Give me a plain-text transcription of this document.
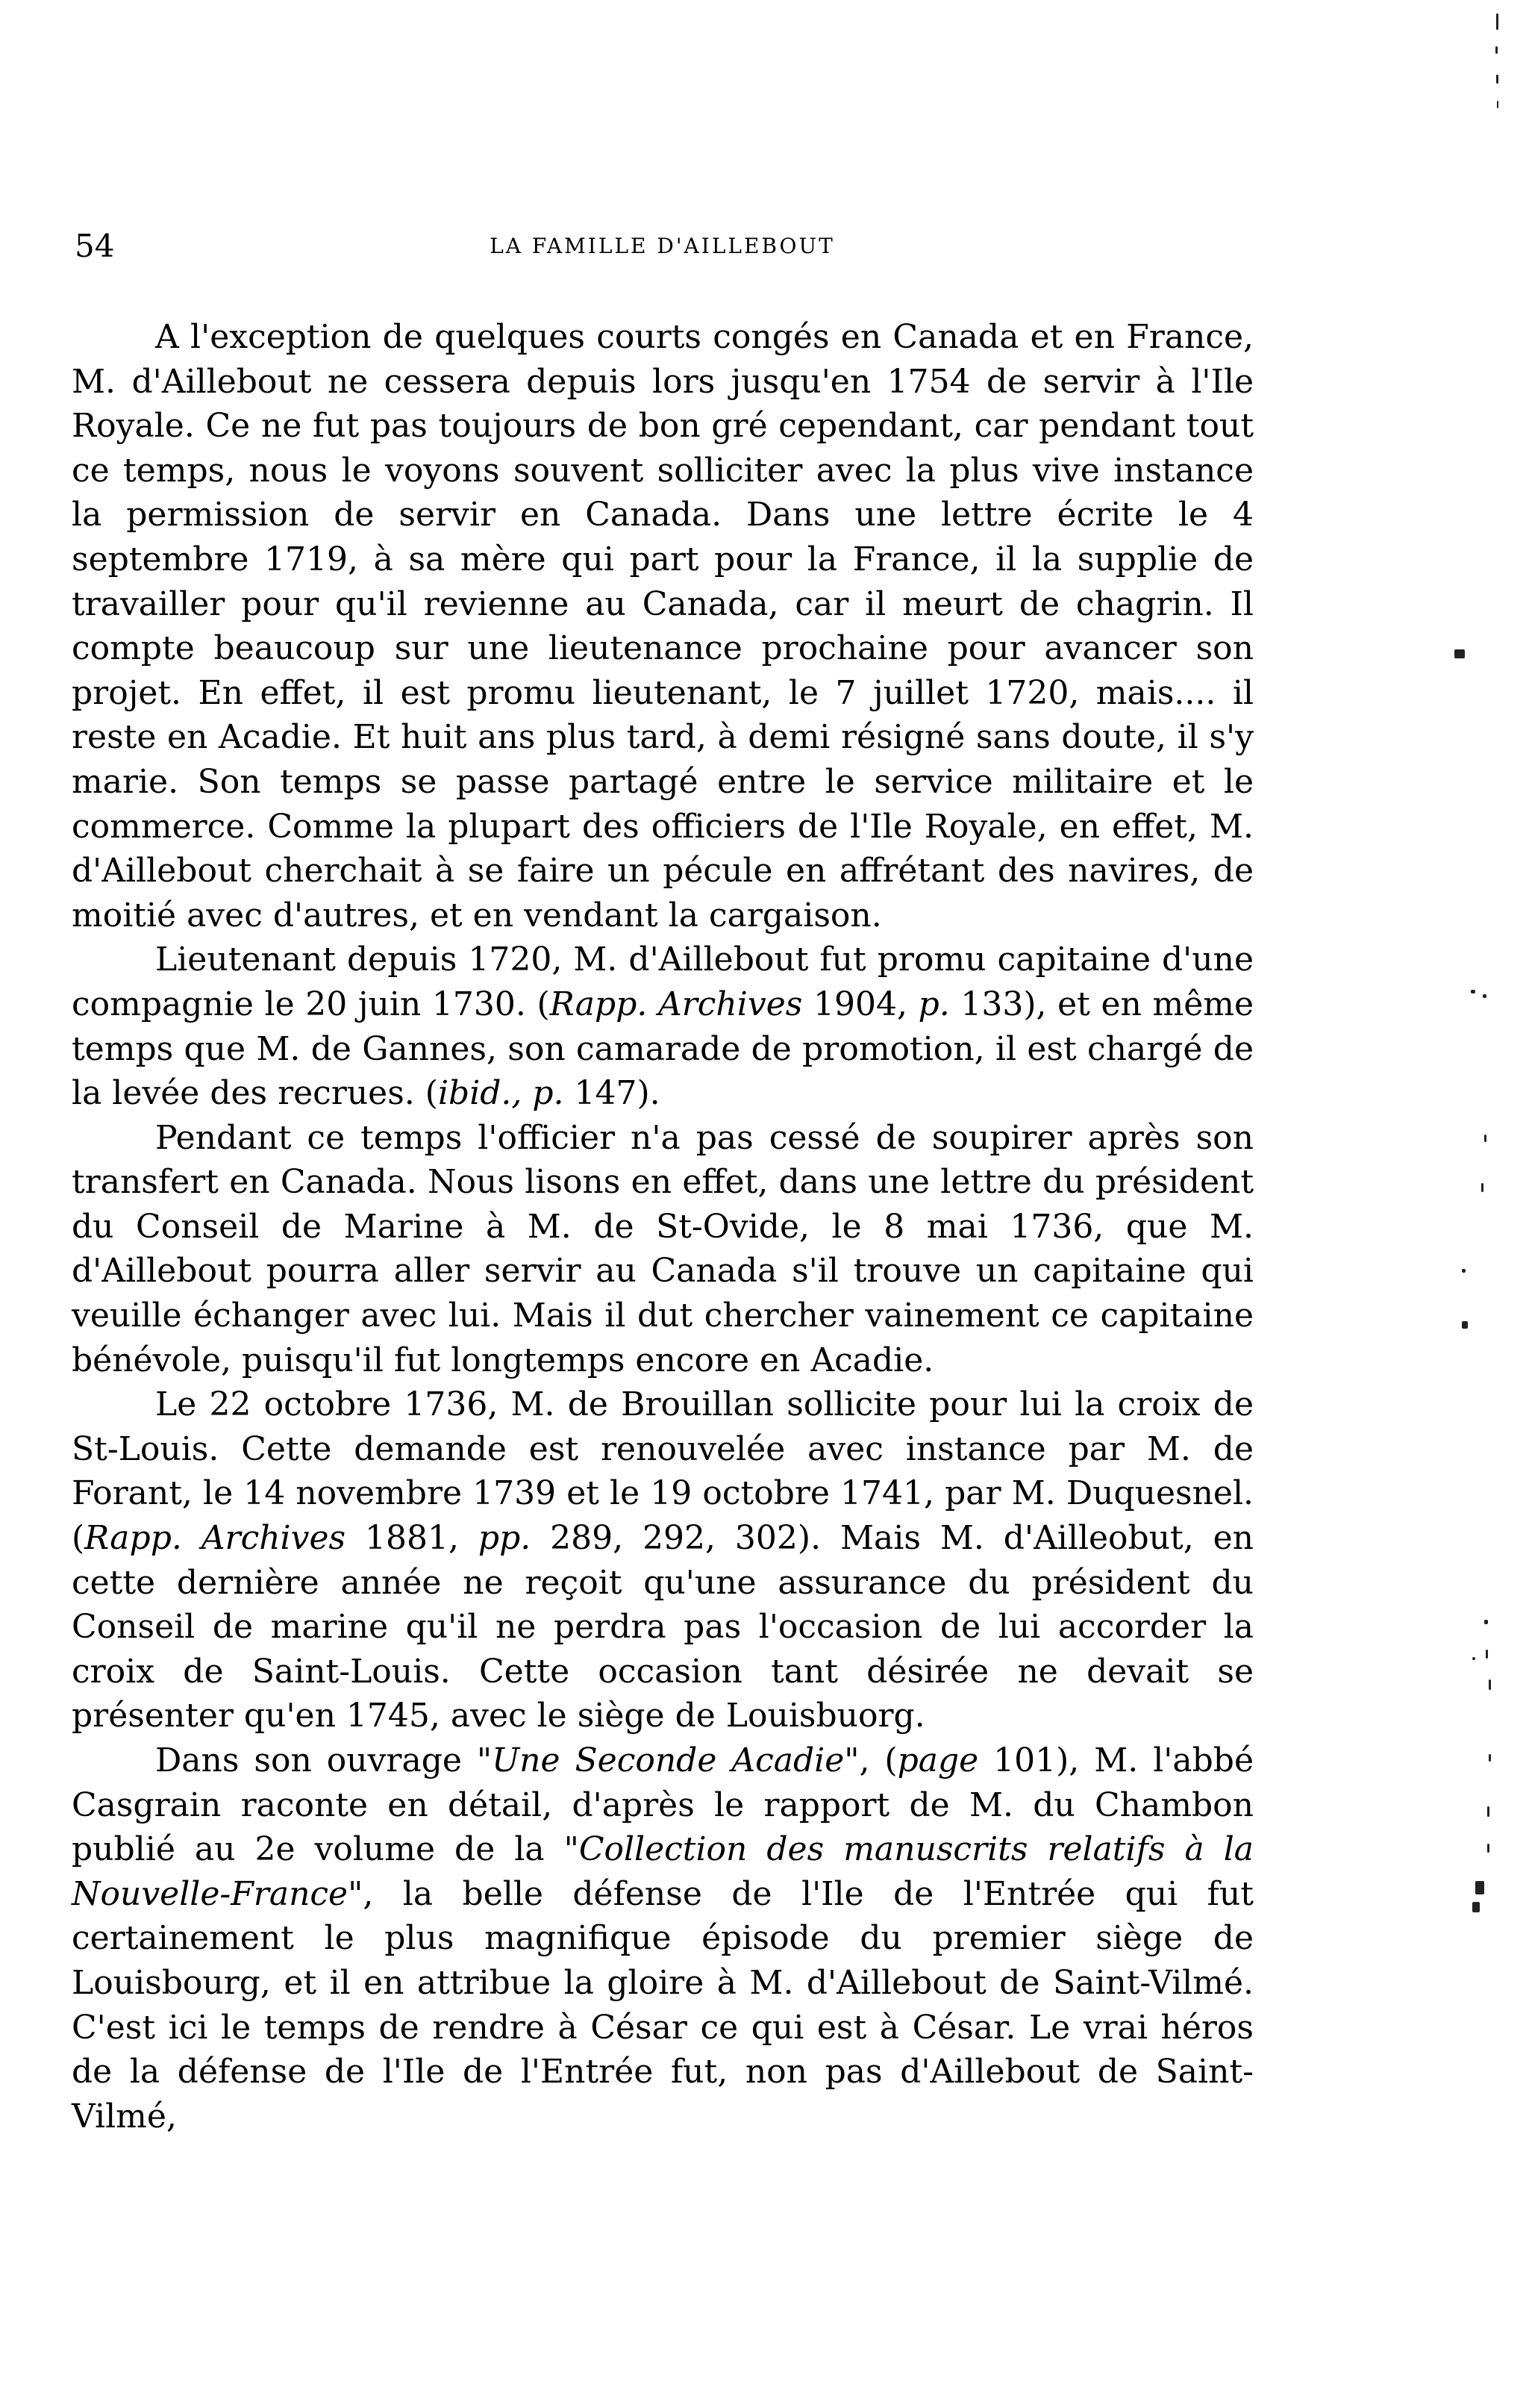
54	LA FAMILLE D'AILLEBOUT

A l'exception de quelques courts congés en Canada et en France, M. d'Aillebout ne cessera depuis lors jusqu'en 1754 de servir à l'Ile Royale. Ce ne fut pas toujours de bon gré cependant, car pendant tout ce temps, nous le voyons souvent solliciter avec la plus vive instance la permission de servir en Canada. Dans une lettre écrite le 4 septembre 1719, à sa mère qui part pour la France, il la supplie de travailler pour qu'il revienne au Canada, car il meurt de chagrin. Il compte beaucoup sur une lieutenance prochaine pour avancer son projet. En effet, il est promu lieutenant, le 7 juillet 1720, mais.... il reste en Acadie. Et huit ans plus tard, à demi résigné sans doute, il s'y marie. Son temps se passe partagé entre le service militaire et le commerce. Comme la plupart des officiers de l'Ile Royale, en effet, M. d'Aillebout cherchait à se faire un pécule en affrétant des navires, de moitié avec d'autres, et en vendant la cargaison.

Lieutenant depuis 1720, M. d'Aillebout fut promu capitaine d'une compagnie le 20 juin 1730. (Rapp. Archives 1904, p. 133), et en même temps que M. de Gannes, son camarade de promotion, il est chargé de la levée des recrues. (ibid., p. 147).

Pendant ce temps l'officier n'a pas cessé de soupirer après son transfert en Canada. Nous lisons en effet, dans une lettre du président du Conseil de Marine à M. de St-Ovide, le 8 mai 1736, que M. d'Aillebout pourra aller servir au Canada s'il trouve un capitaine qui veuille échanger avec lui. Mais il dut chercher vainement ce capitaine bénévole, puisqu'il fut longtemps encore en Acadie.

Le 22 octobre 1736, M. de Brouillan sollicite pour lui la croix de St-Louis. Cette demande est renouvelée avec instance par M. de Forant, le 14 novembre 1739 et le 19 octobre 1741, par M. Duquesnel. (Rapp. Archives 1881, pp. 289, 292, 302). Mais M. d'Ailleobut, en cette dernière année ne reçoit qu'une assurance du président du Conseil de marine qu'il ne perdra pas l'occasion de lui accorder la croix de Saint-Louis. Cette occasion tant désirée ne devait se présenter qu'en 1745, avec le siège de Louisbuorg.

Dans son ouvrage "Une Seconde Acadie", (page 101), M. l'abbé Casgrain raconte en détail, d'après le rapport de M. du Chambon publié au 2e volume de la "Collection des manuscrits relatifs à la Nouvelle-France", la belle défense de l'Ile de l'Entrée qui fut certainement le plus magnifique épisode du premier siège de Louisbourg, et il en attribue la gloire à M. d'Aillebout de Saint-Vilmé. C'est ici le temps de rendre à César ce qui est à César. Le vrai héros de la défense de l'Ile de l'Entrée fut, non pas d'Aillebout de Saint-Vilmé,
